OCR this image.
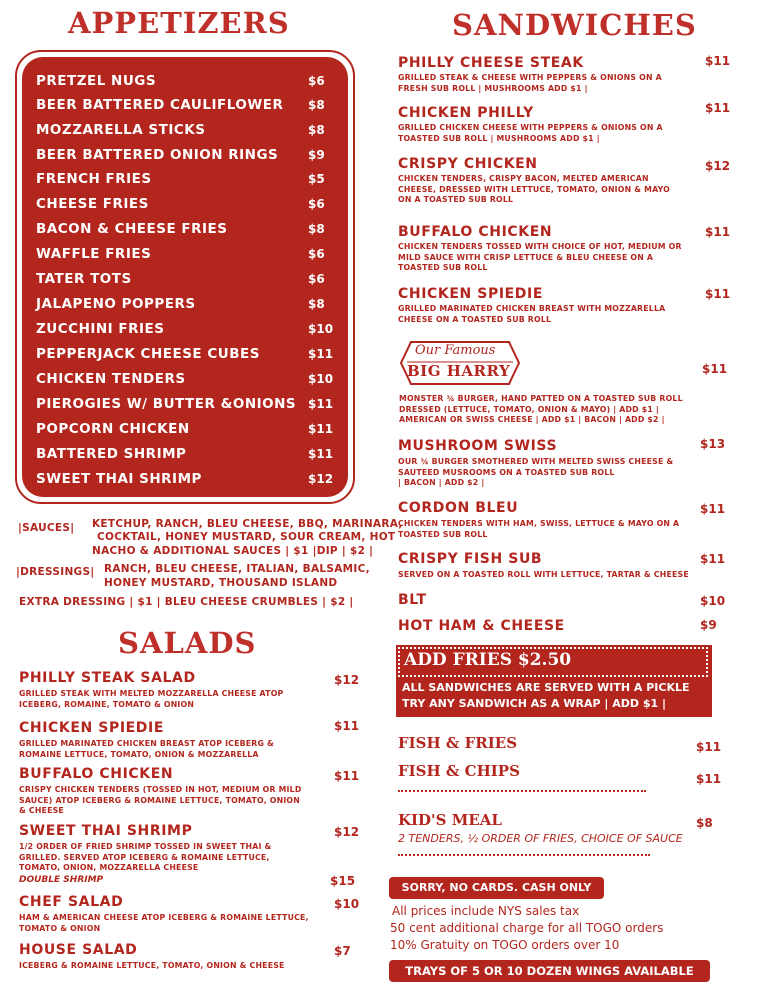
APPETIZERS
PRETZEL NUGS	$6
BEER BATTERED CAULIFLOWER $8
MOZZARELLA STICKS	$8
BEER BATTERED ONION RINGS $9
FRENCH FRIES	$5
CHEESE FRIES	$6
BACON & CHEESE FRIES	$8
WAFFLE FRIES	$6
TATER TOTS	$6
JALAPENO POPPERS	$8
ZUCCHINI FRIES	$10
PEPPERJACK CHEESE CUBES	$11
CHICKEN TENDERS	$10
PIEROGIES W/ BUTTER &ONIONS $11
POPCORN CHICKEN	$11
BATTERED SHRIMP	$11
SWEET THAI SHRIMP	$12
|SAUCES| KETCHUP, RANCH, BLEU CHEESE, BBQ, MARINARA,
COCKTAIL, HONEY MUSTARD, SOUR CREAM, HOT
NACHO & ADDITIONAL SAUCES | $1 |DIP | $2 |
|DRESSINGS| RANCH, BLEU CHEESE, ITALIAN, BALSAMIC,
HONEY MUSTARD, THOUSAND ISLAND
EXTRA DRESSING | $1 | BLEU CHEESE CRUMBLES | $2 |
SALADS
PHILLY STEAK SALAD	$12
GRILLED STEAK WITH MELTED MOZZARELLA CHEESE ATOP
ICEBERG, ROMAINE, TOMATO & ONION
CHICKEN SPIEDIE	$11
GRILLED MARINATED CHICKEN BREAST ATOP ICEBERG &
ROMAINE LETTUCE, TOMATO, ONION & MOZZARELLA
BUFFALO CHICKEN	$11
CRISPY CHICKEN TENDERS (TOSSED IN HOT, MEDIUM OR MILD
SAUCE) ATOP ICEBERG & ROMAINE LETTUCE, TOMATO, ONION
& CHEESE
SWEET THAI SHRIMP	$12
1/2 ORDER OF FRIED SHRIMP TOSSED IN SWEET THAI &
GRILLED. SERVED ATOP ICEBERG & ROMAINE LETTUCE,
TOMATO, ONION, MOZZARELLA CHEESE
CHEF SALAD	$10
HAM & AMERICAN CHEESE ATOP ICEBERG & ROMAINE LETTUCE,
TOMATO & ONION
HOUSE SALAD	$7
ICEBERG & ROMAINE LETTUCE, TOMATO, ONION & CHEESE
DOUBLE SHRIMP	$15
SANDWICHES
PHILLY CHEESE STEAK	$11
GRILLED STEAK & CHEESE WITH PEPPERS & ONIONS ON A
FRESH SUB ROLL | MUSHROOMS ADD $1 |
CHICKEN PHILLY	$11
GRILLED CHICKEN CHEESE WITH PEPPERS & ONIONS ON A
TOASTED SUB ROLL | MUSHROOMS ADD $1 |
CRISPY CHICKEN	$12
CHICKEN TENDERS, CRISPY BACON, MELTED AMERICAN
CHEESE, DRESSED WITH LETTUCE, TOMATO, ONION & MAYO
ON A TOASTED SUB ROLL
BUFFALO CHICKEN	$11
CHICKEN TENDERS TOSSED WITH CHOICE OF HOT, MEDIUM OR
MILD SAUCE WITH CRISP LETTUCE & BLEU CHEESE ON A
TOASTED SUB ROLL
CHICKEN SPIEDIE	$11
GRILLED MARINATED CHICKEN BREAST WITH MOZZARELLA
CHEESE ON A TOASTED SUB ROLL
Our Famous
BIG HARRY	$11
MONSTER ¾ BURGER, HAND PATTED ON A TOASTED SUB ROLL
DRESSED (LETTUCE, TOMATO, ONION & MAYO) | ADD $1 |
AMERICAN OR SWISS CHEESE | ADD $1 | BACON | ADD $2 |
MUSHROOM SWISS	$13
OUR ¾ BURGER SMOTHERED WITH MELTED SWISS CHEESE &
SAUTEED MUSROOMS ON A TOASTED SUB ROLL
| BACON | ADD $2 |
CORDON BLEU	$11
CHICKEN TENDERS WITH HAM, SWISS, LETTUCE & MAYO ON A
TOASTED SUB ROLL
CRISPY FISH SUB	$11
SERVED ON A TOASTED ROLL WITH LETTUCE, TARTAR & CHEESE
BLT	$10
HOT HAM & CHEESE	$9
ADD FRIES $2.50
ALL SANDWICHES ARE SERVED WITH A PICKLE
TRY ANY SANDWICH AS A WRAP | ADD $1 |
FISH & FRIES	$11
FISH & CHIPS	$11
KID'S MEAL	$8
2 TENDERS, ½ ORDER OF FRIES, CHOICE OF SAUCE
SORRY, NO CARDS. CASH ONLY
All prices include NYS sales tax
50 cent additional charge for all TOGO orders
10% Gratuity on TOGO orders over 10
TRAYS OF 5 OR 10 DOZEN WINGS AVAILABLE
